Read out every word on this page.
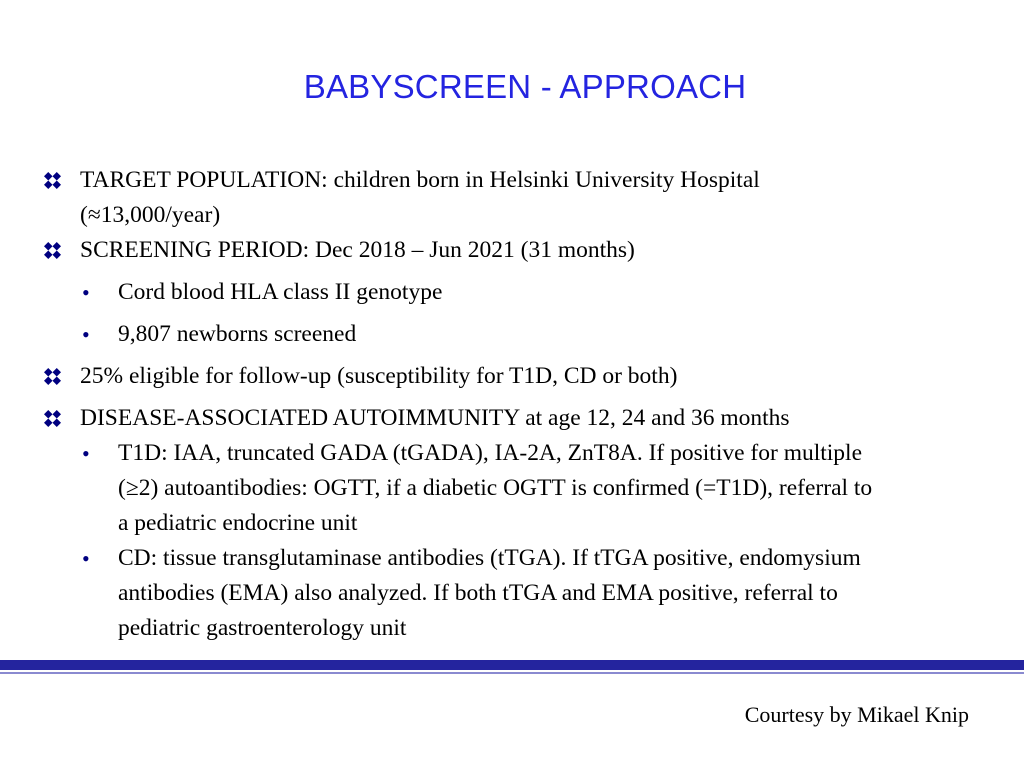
BABYSCREEN - APPROACH
TARGET POPULATION: children born in Helsinki University Hospital
(≈13,000/year)
SCREENING PERIOD: Dec 2018 – Jun 2021 (31 months)
• Cord blood HLA class II genotype
• 9,807 newborns screened
25% eligible for follow-up (susceptibility for T1D, CD or both)
DISEASE-ASSOCIATED AUTOIMMUNITY at age 12, 24 and 36 months
• T1D: IAA, truncated GADA (tGADA), IA-2A, ZnT8A. If positive for multiple
(≥2) autoantibodies: OGTT, if a diabetic OGTT is confirmed (=T1D), referral to
a pediatric endocrine unit
• CD: tissue transglutaminase antibodies (tTGA). If tTGA positive, endomysium
antibodies (EMA) also analyzed. If both tTGA and EMA positive, referral to
pediatric gastroenterology unit
Courtesy by Mikael Knip
